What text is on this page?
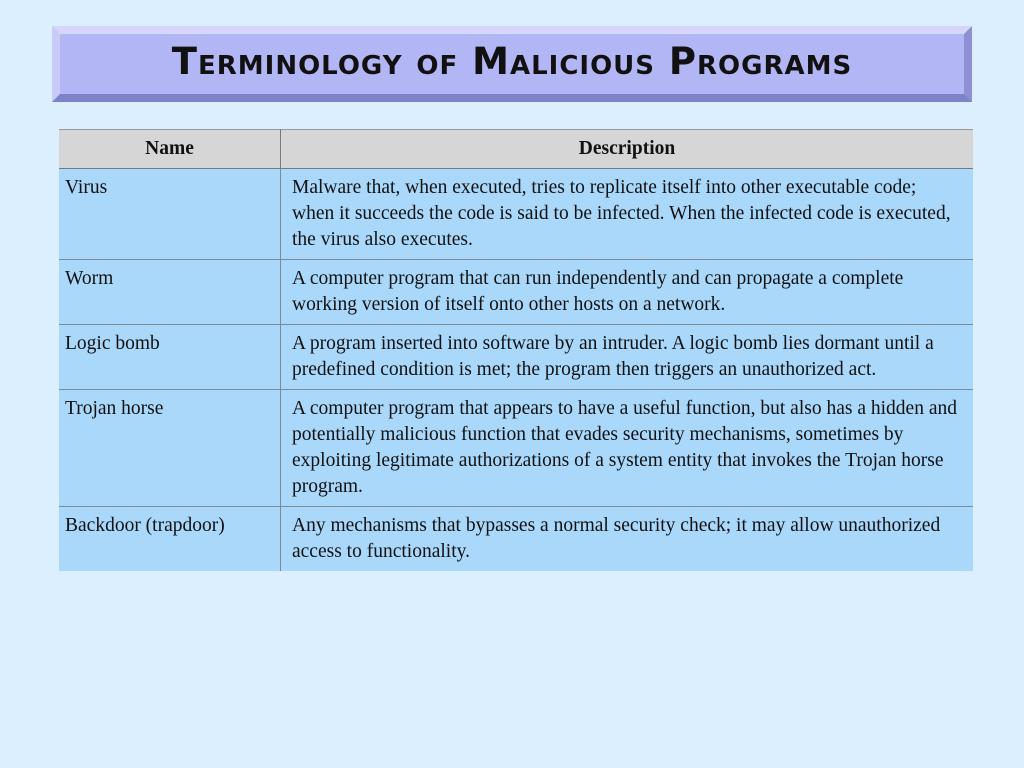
Terminology of Malicious Programs
Name	Description
Virus	Malware that, when executed, tries to replicate itself into other executable code; when it succeeds the code is said to be infected. When the infected code is executed, the virus also executes.
Worm	A computer program that can run independently and can propagate a complete working version of itself onto other hosts on a network.
Logic bomb	A program inserted into software by an intruder. A logic bomb lies dormant until a predefined condition is met; the program then triggers an unauthorized act.
Trojan horse	A computer program that appears to have a useful function, but also has a hidden and potentially malicious function that evades security mechanisms, sometimes by exploiting legitimate authorizations of a system entity that invokes the Trojan horse program.
Backdoor (trapdoor)	Any mechanisms that bypasses a normal security check; it may allow unauthorized access to functionality.
